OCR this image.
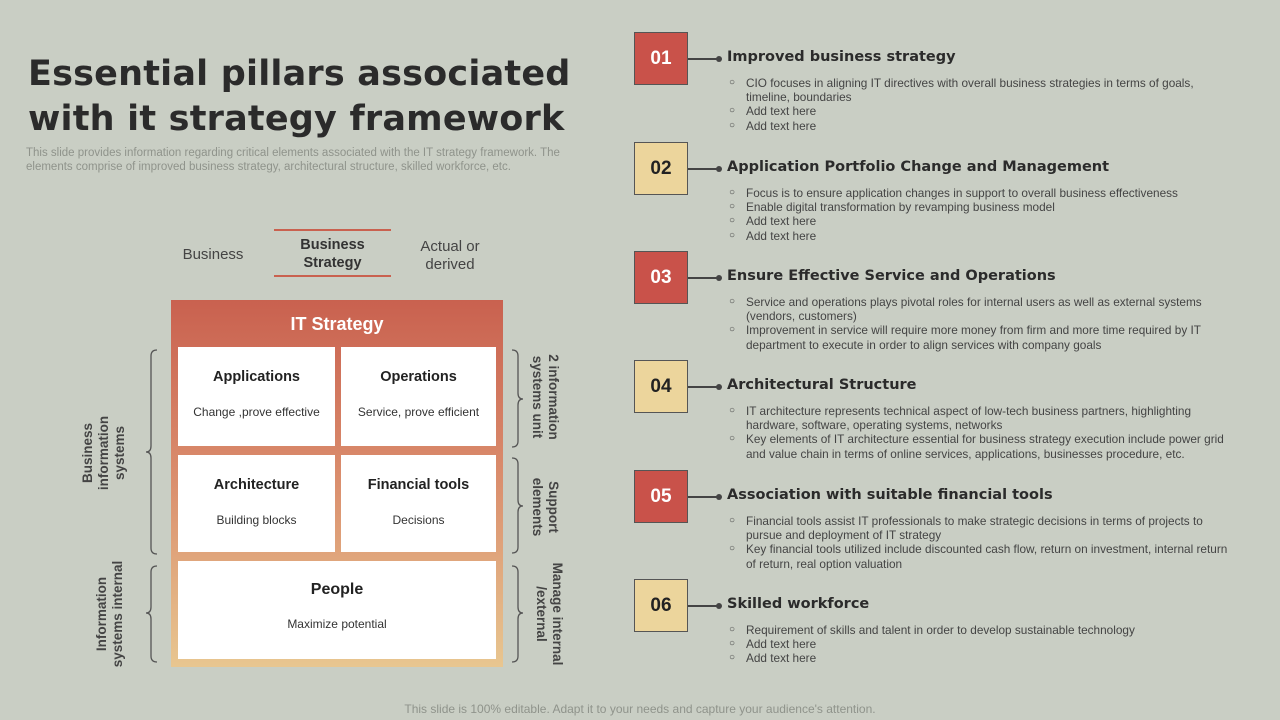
Essential pillars associated with it strategy framework
This slide provides information regarding critical elements associated with the IT strategy framework. The elements comprise of improved business strategy, architectural structure, skilled workforce, etc.
Business
Business Strategy
Actual or derived
IT Strategy
Applications
Change ,prove effective
Operations
Service, prove efficient
Architecture
Building blocks
Financial tools
Decisions
People
Maximize potential
Business information systems
Information systems internal
2 information systems unit
Support elements
Manage internal /external
01	Improved business strategy
○ CIO focuses in aligning IT directives with overall business strategies in terms of goals, timeline, boundaries
○ Add text here
○ Add text here
02	Application Portfolio Change and Management
○ Focus is to ensure application changes in support to overall business effectiveness
○ Enable digital transformation by revamping business model
○ Add text here
○ Add text here
03	Ensure Effective Service and Operations
○ Service and operations plays pivotal roles for internal users as well as external systems (vendors, customers)
○ Improvement in service will require more money from firm and more time required by IT department to execute in order to align services with company goals
04	Architectural Structure
○ IT architecture represents technical aspect of low-tech business partners, highlighting hardware, software, operating systems, networks
○ Key elements of IT architecture essential for business strategy execution include power grid and value chain in terms of online services, applications, businesses procedure, etc.
05	Association with suitable financial tools
○ Financial tools assist IT professionals to make strategic decisions in terms of projects to pursue and deployment of IT strategy
○ Key financial tools utilized include discounted cash flow, return on investment, internal return of return, real option valuation
06	Skilled workforce
○ Requirement of skills and talent in order to develop sustainable technology
○ Add text here
○ Add text here
This slide is 100% editable. Adapt it to your needs and capture your audience's attention.
